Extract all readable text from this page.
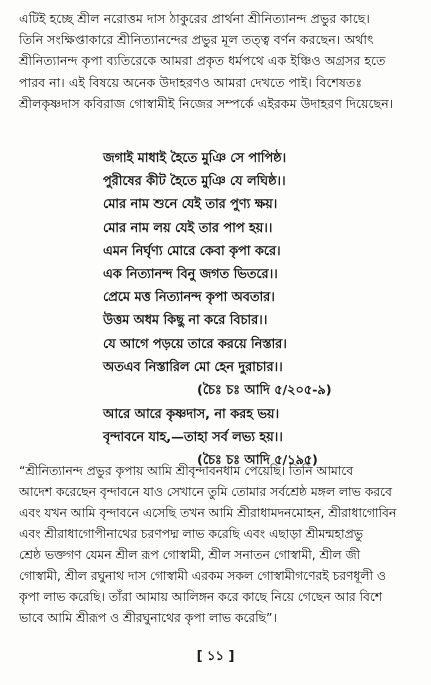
এটিই হচ্ছে শ্রীল নরোত্তম দাস ঠাকুরের প্রার্থনা শ্রীনিত্যানন্দ প্রভুর কাছে।
তিনি সংক্ষিপ্তাকারে শ্রীনিত্যানন্দের প্রভুর মূল তত্ত্ব বর্ণন করছেন। অর্থাৎ
শ্রীনিত্যানন্দ কৃপা ব্যতিরেকে আমরা প্রকৃত ধর্মপথে এক ইঞ্চিও অগ্রসর হতে
পারব না। এই বিষয়ে অনেক উদাহরণও আমরা দেখতে পাই। বিশেষতঃ
শ্রীলকৃষ্ণদাস কবিরাজ গোস্বামীই নিজের সম্পর্কে এইরকম উদাহরণ দিয়েছেন।
জগাই মাধাই হৈতে মুঞি সে পাপিষ্ঠ।
পুরীষের কীট হৈতে মুঞি যে লঘিষ্ঠ।।
মোর নাম শুনে যেই তার পুণ্য ক্ষয়।
মোর নাম লয় যেই তার পাপ হয়।।
এমন নির্ঘৃণ্য মোরে কেবা কৃপা করে।
এক নিত্যানন্দ বিনু জগত ভিতরে।।
প্রেমে মত্ত নিত্যানন্দ কৃপা অবতার।
উত্তম অধম কিছু না করে বিচার।।
যে আগে পড়য়ে তারে করয়ে নিস্তার।
অতএব নিস্তারিল মো হেন দুরাচার।।
(চৈঃ চঃ আদি ৫/২০৫-৯)
আরে আরে কৃষ্ণদাস, না করহ ভয়।
বৃন্দাবনে যাহ,—তাহা সর্ব লভ্য হয়।।
(চৈঃ চঃ আদি ৫/১৯৫)
“শ্রীনিত্যানন্দ প্রভুর কৃপায় আমি শ্রীবৃন্দাবনধাম পেয়েছি। তিনি আমাবে
আদেশ করেছেন বৃন্দাবনে যাও সেখানে তুমি তোমার সর্বশ্রেষ্ঠ মঙ্গল লাভ করবে
এবং যখন আমি বৃন্দাবনে এসেছি তখন আমি শ্রীরাধামদনমোহন, শ্রীরাধাগোবিন
এবং শ্রীরাধাগোপীনাথের চরণপদ্ম লাভ করেছি এবং এছাড়া শ্রীমন্মহাপ্রভু
শ্রেষ্ঠ ভক্তগণ যেমন শ্রীল রূপ গোস্বামী, শ্রীল সনাতন গোস্বামী, শ্রীল জী
গোস্বামী, শ্রীল রঘুনাথ দাস গোস্বামী এরকম সকল গোস্বামীগণেরই চরণধূলী ও
কৃপা লাভ করেছি। তাঁরা আমায় আলিঙ্গন করে কাছে নিয়ে গেছেন আর বিশে
ভাবে আমি শ্রীরূপ ও শ্রীরঘুনাথের কৃপা লাভ করেছি”।
[ ১১ ]
